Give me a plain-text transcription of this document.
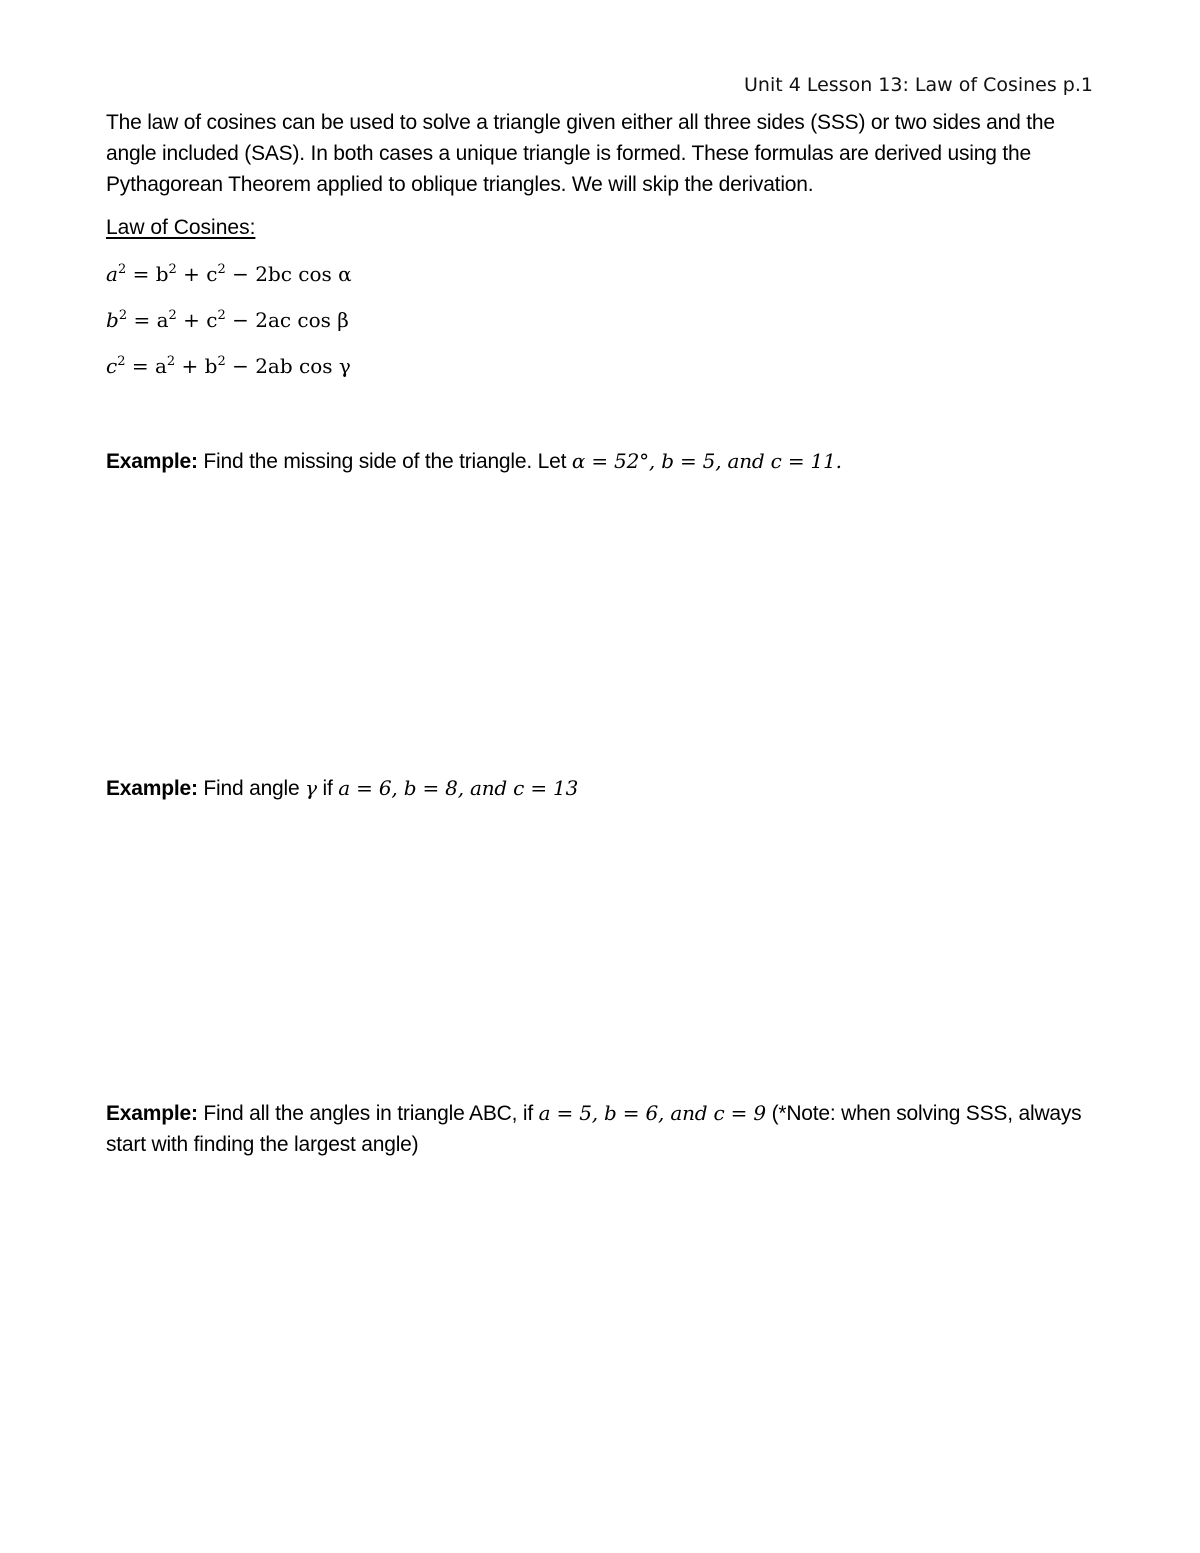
Unit 4 Lesson 13: Law of Cosines p.1
The law of cosines can be used to solve a triangle given either all three sides (SSS) or two sides and the angle included (SAS). In both cases a unique triangle is formed. These formulas are derived using the Pythagorean Theorem applied to oblique triangles. We will skip the derivation.
Law of Cosines:
$a^2 = b^2 + c^2 - 2bc$ cos α
$b^2 = a^2 + c^2 - 2ac$ cos β
$c^2 = a^2 + b^2 - 2ab$ cos γ
Example: Find the missing side of the triangle. Let α = 52°, b = 5, and c = 11.
Example: Find angle γ if a = 6, b = 8, and c = 13
Example: Find all the angles in triangle ABC, if a = 5, b = 6, and c = 9 (*Note: when solving SSS, always start with finding the largest angle)
